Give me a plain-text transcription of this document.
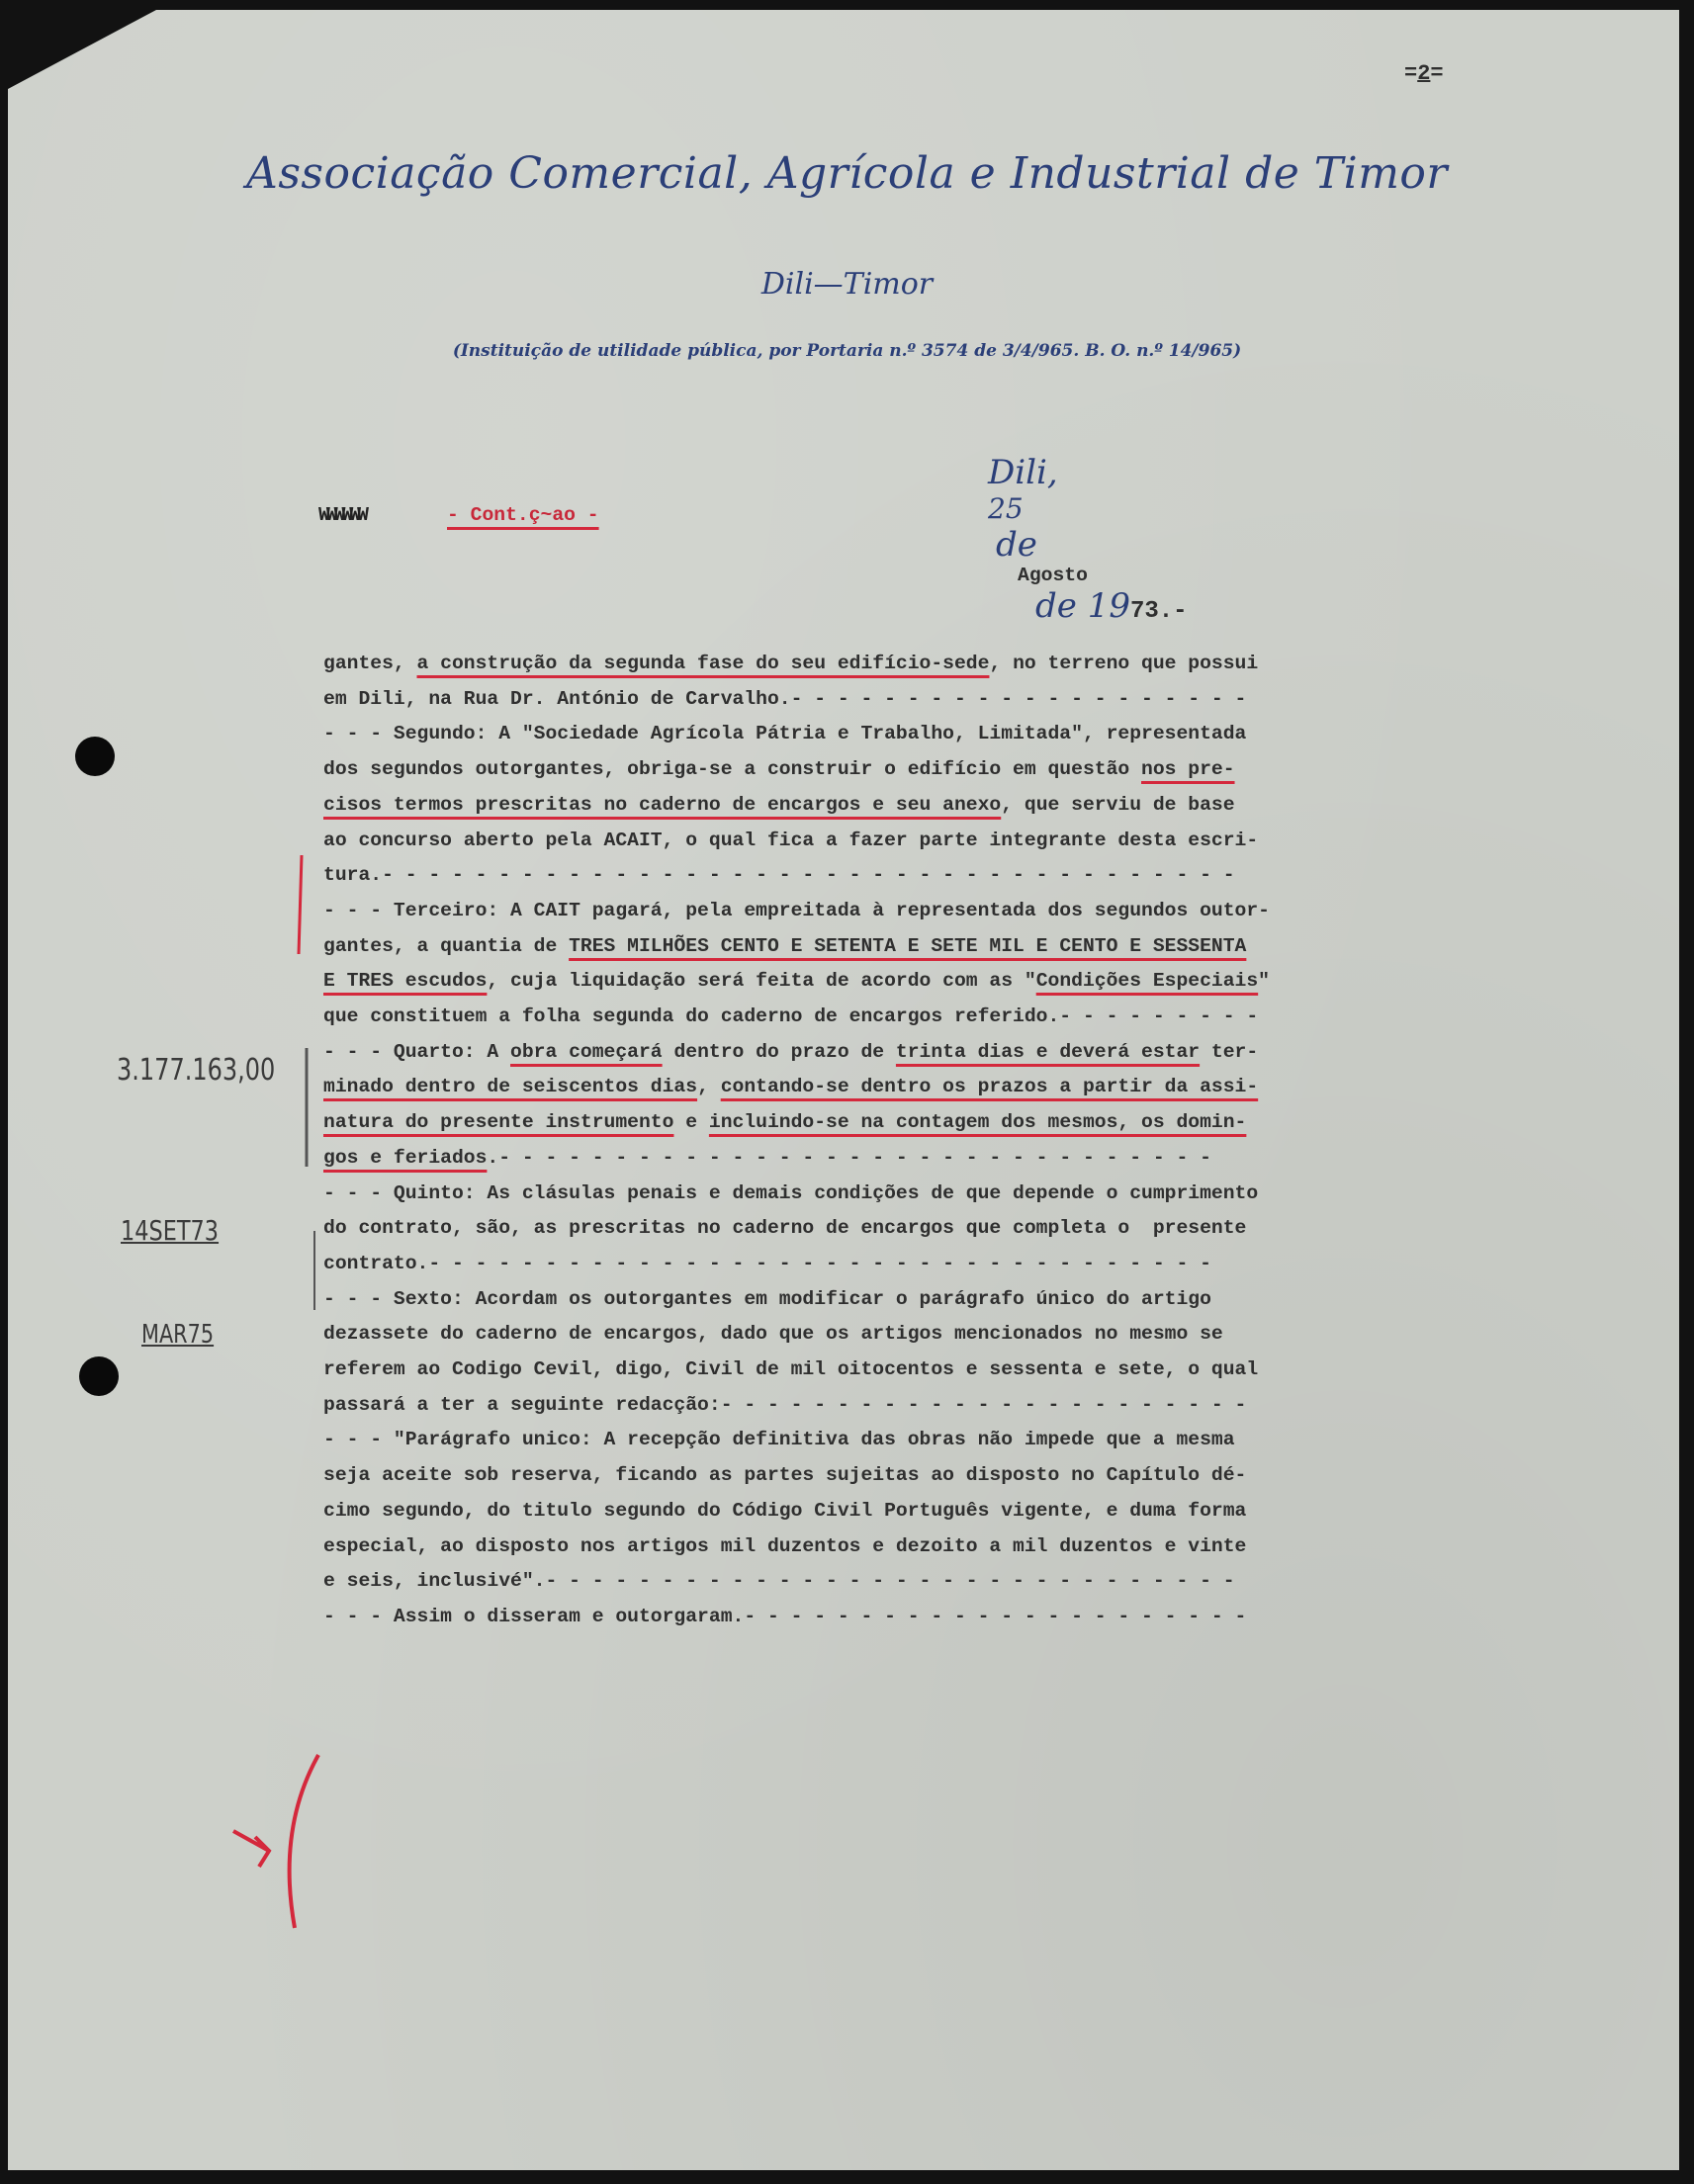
=2=
Associação Comercial, Agrícola e Industrial de Timor
Dili—Timor
(Instituição de utilidade pública, por Portaria n.º 3574 de 3/4/965. B. O. n.º 14/965)

Dili,
25
de
Agosto
de 1973.-

WWWWWW	- Cont.ç~ao -
gantes, a construção da segunda fase do seu edifício-sede, no terreno que possui
em Dili, na Rua Dr. António de Carvalho.- - - - - - - - - - - - - - - - - - - -
- - - Segundo: A "Sociedade Agrícola Pátria e Trabalho, Limitada", representada
dos segundos outorgantes, obriga-se a construir o edifício em questão nos pre-
cisos termos prescritas no caderno de encargos e seu anexo, que serviu de base
ao concurso aberto pela ACAIT, o qual fica a fazer parte integrante desta escri-
tura.- - - - - - - - - - - - - - - - - - - - - - - - - - - - - - - - - - - - -
- - - Terceiro: A CAIT pagará, pela empreitada à representada dos segundos outor-
gantes, a quantia de TRES MILHÕES CENTO E SETENTA E SETE MIL E CENTO E SESSENTA
E TRES escudos, cuja liquidação será feita de acordo com as "Condições Especiais"
que constituem a folha segunda do caderno de encargos referido.- - - - - - - - -
- - - Quarto: A obra começará dentro do prazo de trinta dias e deverá estar ter-
minado dentro de seiscentos dias, contando-se dentro os prazos a partir da assi-
natura do presente instrumento e incluindo-se na contagem dos mesmos, os domin-
gos e feriados.- - - - - - - - - - - - - - - - - - - - - - - - - - - - - - -
- - - Quinto: As clásulas penais e demais condições de que depende o cumprimento
do contrato, são, as prescritas no caderno de encargos que completa o  presente
contrato.- - - - - - - - - - - - - - - - - - - - - - - - - - - - - - - - - -
- - - Sexto: Acordam os outorgantes em modificar o parágrafo único do artigo
dezassete do caderno de encargos, dado que os artigos mencionados no mesmo se
referem ao Codigo Cevil, digo, Civil de mil oitocentos e sessenta e sete, o qual
passará a ter a seguinte redacção:- - - - - - - - - - - - - - - - - - - - - - -
- - - "Parágrafo unico: A recepção definitiva das obras não impede que a mesma
seja aceite sob reserva, ficando as partes sujeitas ao disposto no Capítulo dé-
cimo segundo, do titulo segundo do Código Civil Português vigente, e duma forma
especial, ao disposto nos artigos mil duzentos e dezoito a mil duzentos e vinte
e seis, inclusivé".- - - - - - - - - - - - - - - - - - - - - - - - - - - - - -
- - - Assim o disseram e outorgaram.- - - - - - - - - - - - - - - - - - - - - -
3.177.163,00
14SET73
MAR75
